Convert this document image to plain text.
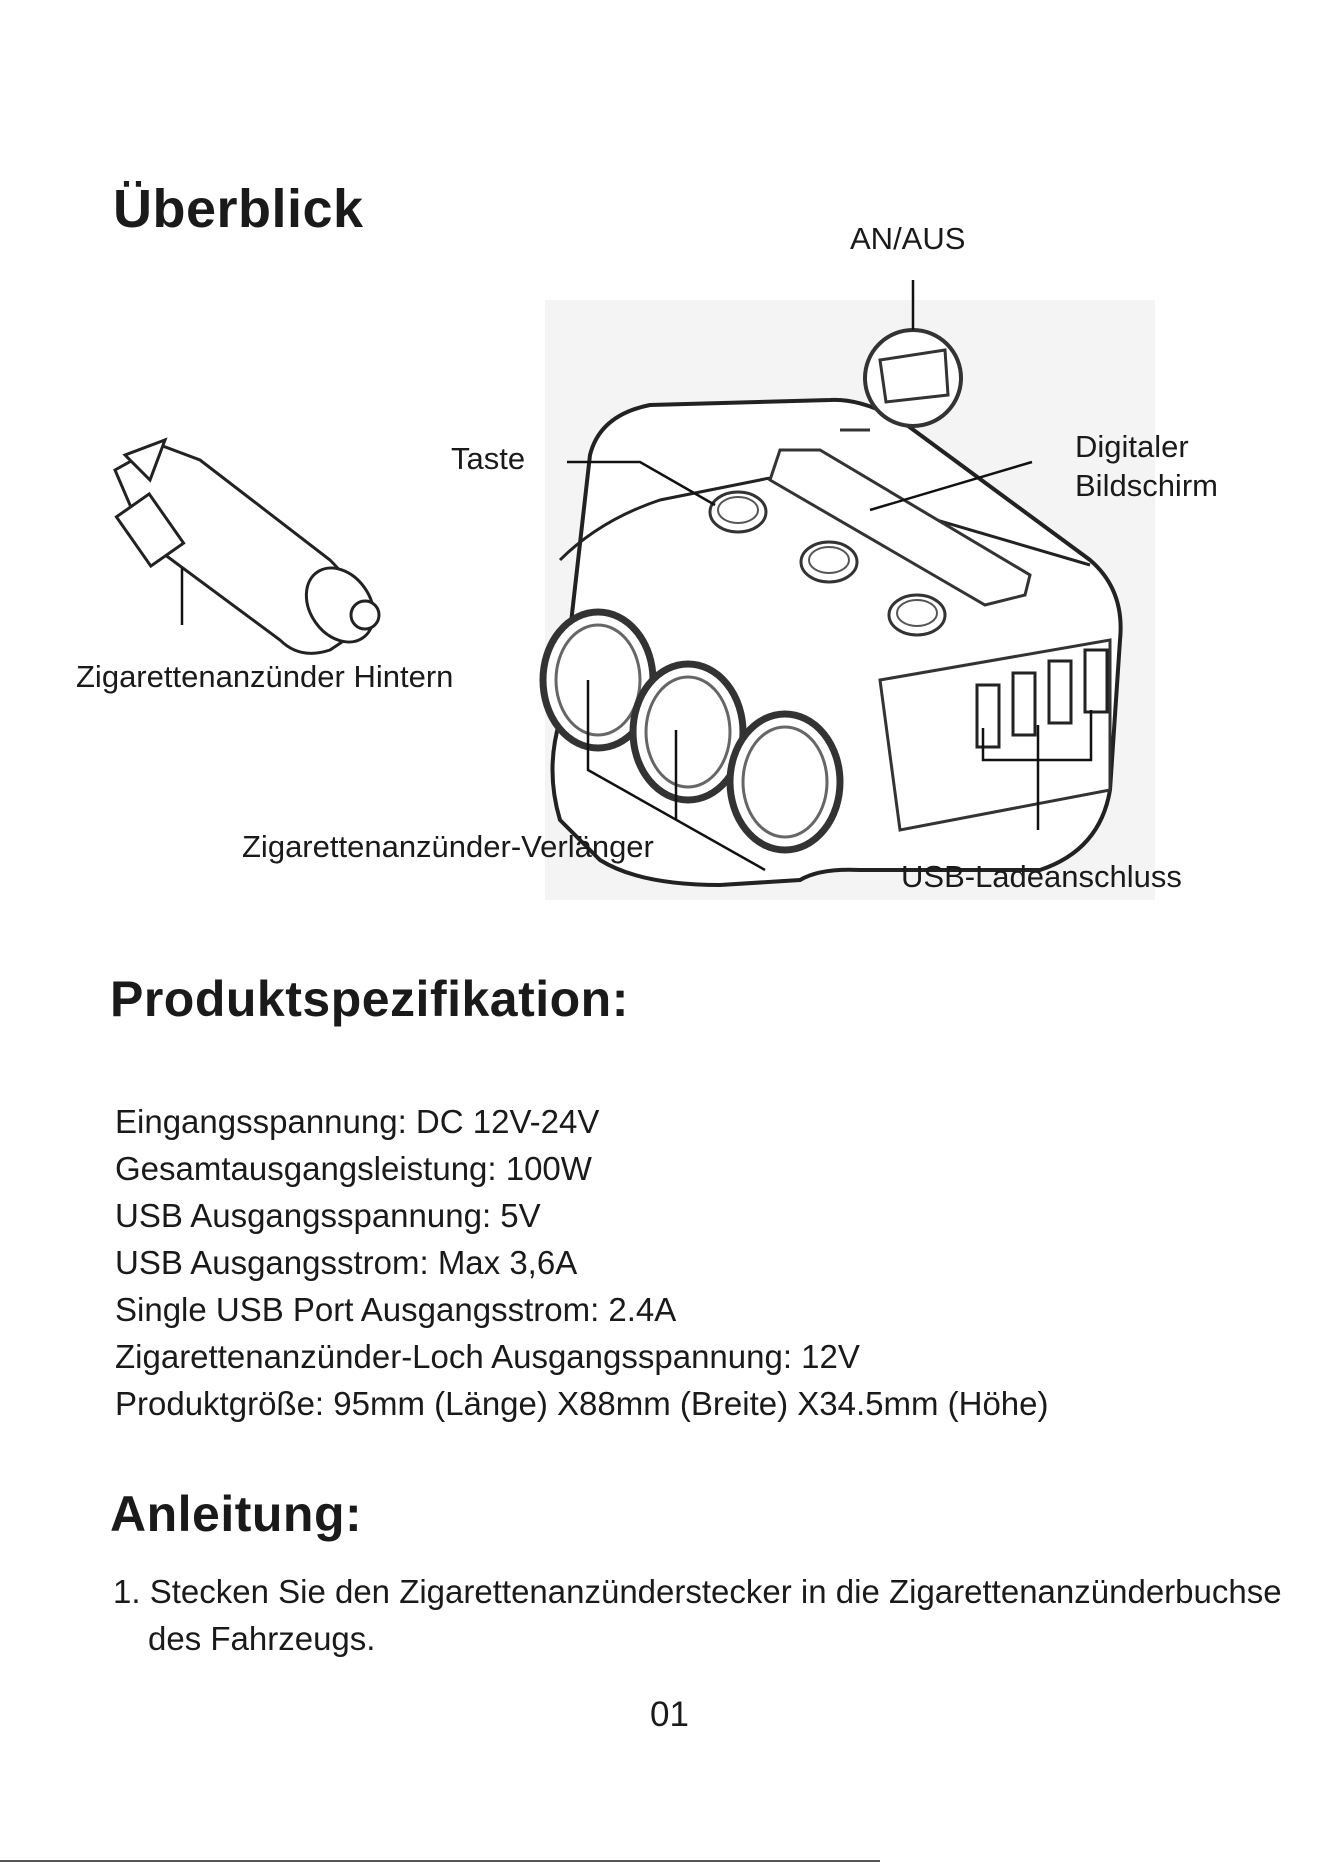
Überblick	AN/AUS
Taste	Digitaler
Bildschirm
Zigarettenanzünder Hintern
Zigarettenanzünder-Verlänger
USB-Ladeanschluss
Produktspezifikation:
Eingangsspannung: DC 12V-24V
Gesamtausgangsleistung: 100W
USB Ausgangsspannung: 5V
USB Ausgangsstrom: Max 3,6A
Single USB Port Ausgangsstrom: 2.4A
Zigarettenanzünder-Loch Ausgangsspannung: 12V
Produktgröße: 95mm (Länge) X88mm (Breite) X34.5mm (Höhe)
Anleitung:
1. Stecken Sie den Zigarettenanzünderstecker in die Zigarettenanzünderbuchse
des Fahrzeugs.
01
